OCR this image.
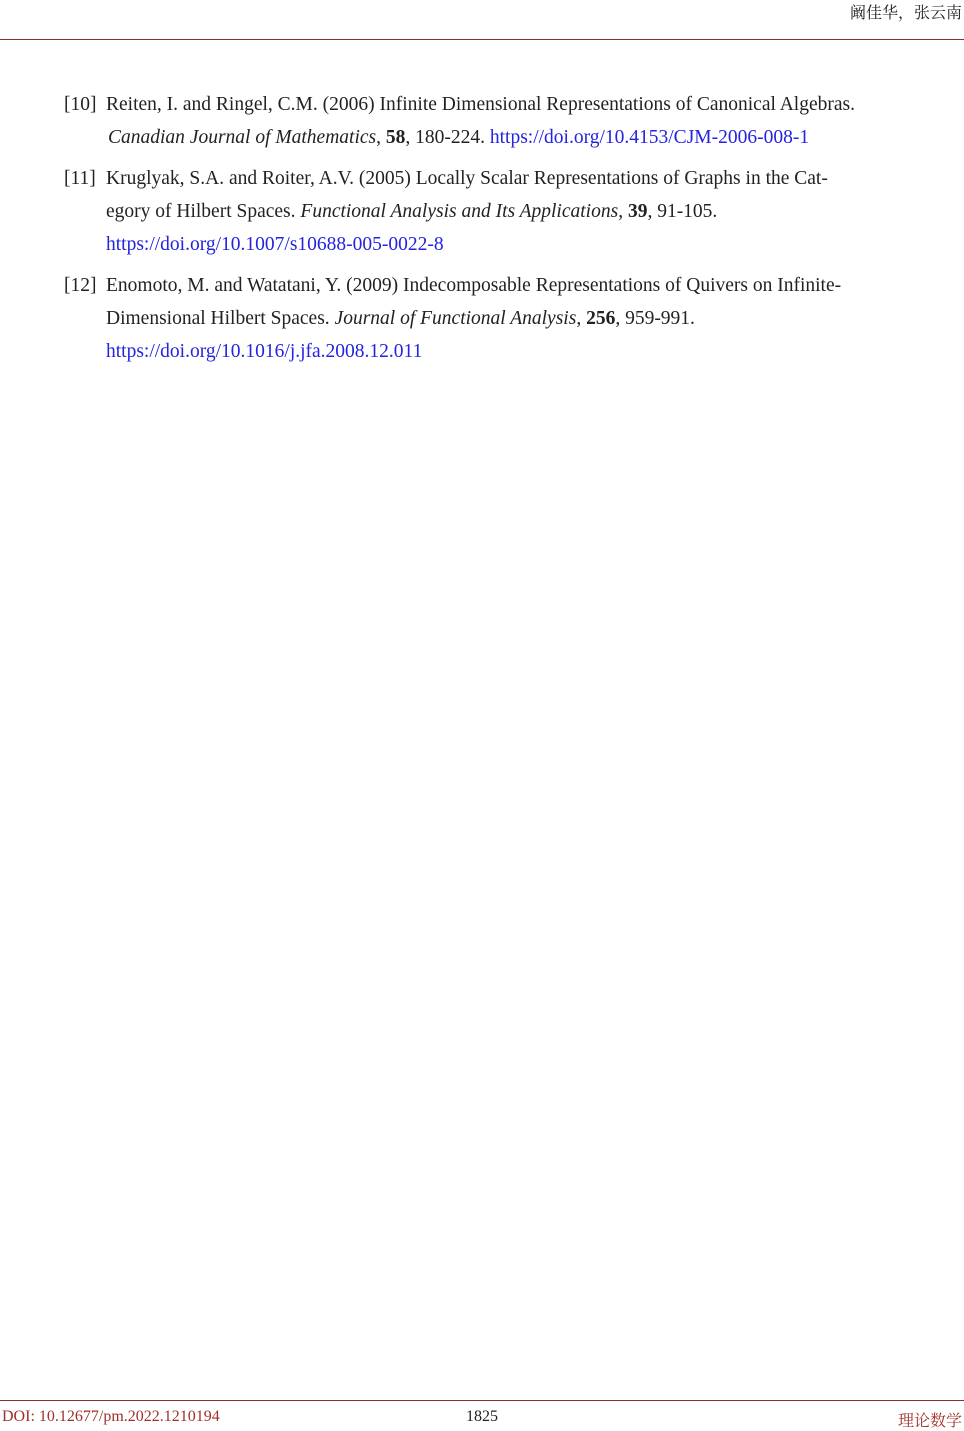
阚佳华，张云南
[10] Reiten, I. and Ringel, C.M. (2006) Infinite Dimensional Representations of Canonical Algebras.
Canadian Journal of Mathematics, 58, 180-224. https://doi.org/10.4153/CJM-2006-008-1
[11] Kruglyak, S.A. and Roiter, A.V. (2005) Locally Scalar Representations of Graphs in the Cat-
egory of Hilbert Spaces. Functional Analysis and Its Applications, 39, 91-105.
https://doi.org/10.1007/s10688-005-0022-8
[12] Enomoto, M. and Watatani, Y. (2009) Indecomposable Representations of Quivers on Infinite-
Dimensional Hilbert Spaces. Journal of Functional Analysis, 256, 959-991.
https://doi.org/10.1016/j.jfa.2008.12.011
DOI: 10.12677/pm.2022.1210194	1825	理论数学
